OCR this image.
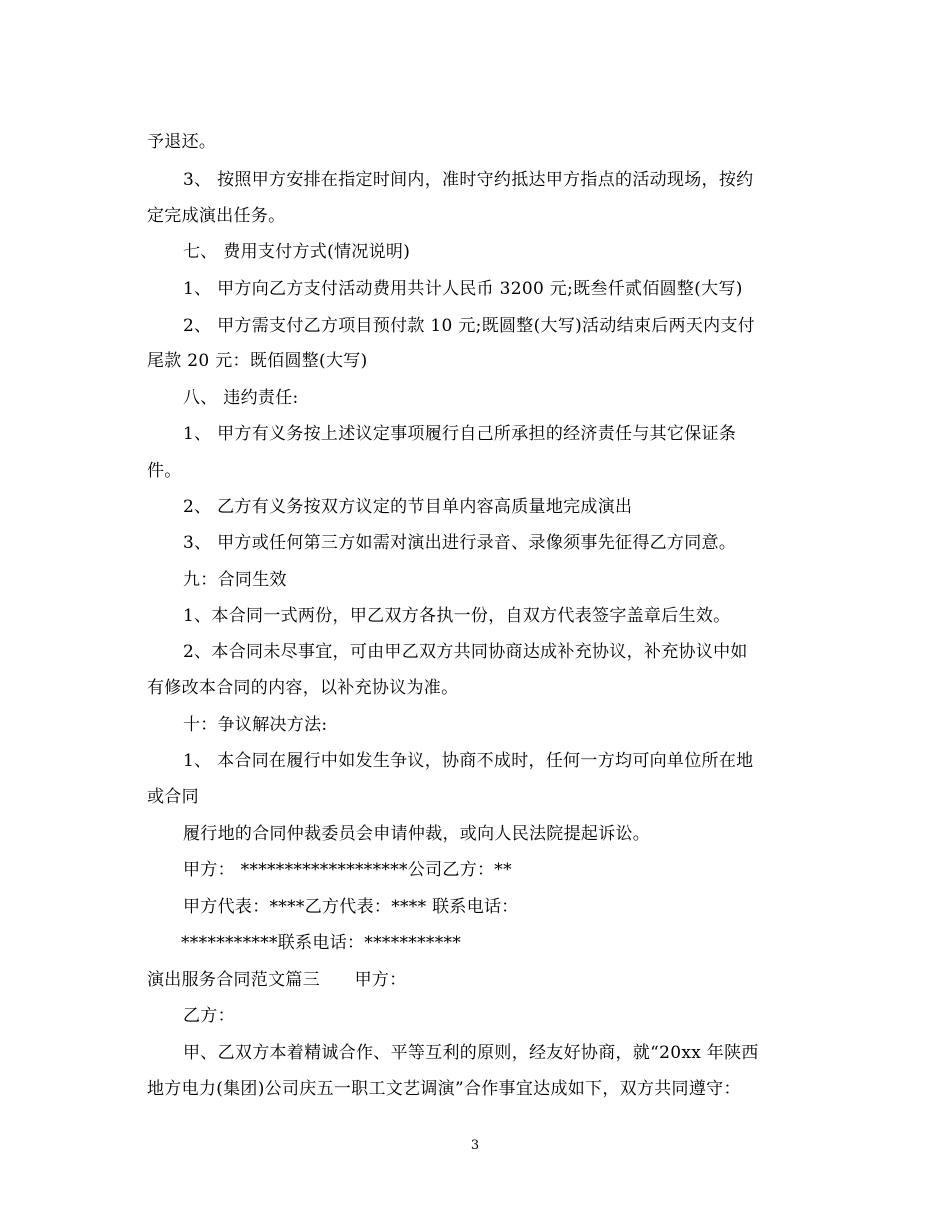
予退还。
3、 按照甲方安排在指定时间内，准时守约抵达甲方指点的活动现场，按约
定完成演出任务。
七、 费用支付方式(情况说明)
1、 甲方向乙方支付活动费用共计人民币 3200 元;既叁仟贰佰圆整(大写)
2、 甲方需支付乙方项目预付款 10 元;既圆整(大写)活动结束后两天内支付
尾款 20 元：既佰圆整(大写)
八、 违约责任:
1、 甲方有义务按上述议定事项履行自己所承担的经济责任与其它保证条
件。
2、 乙方有义务按双方议定的节目单内容高质量地完成演出
3、 甲方或任何第三方如需对演出进行录音、录像须事先征得乙方同意。
九：合同生效
1、本合同一式两份，甲乙双方各执一份，自双方代表签字盖章后生效。
2、本合同未尽事宜，可由甲乙双方共同协商达成补充协议，补充协议中如
有修改本合同的内容，以补充协议为准。
十：争议解决方法:
1、 本合同在履行中如发生争议，协商不成时，任何一方均可向单位所在地
或合同
履行地的合同仲裁委员会申请仲裁，或向人民法院提起诉讼。
甲方： *******************公司乙方：**
甲方代表：****乙方代表：**** 联系电话：
***********联系电话：***********
演出服务合同范文篇三　　甲方：
乙方：
甲、乙双方本着精诚合作、平等互利的原则，经友好协商，就“20xx 年陕西
地方电力(集团)公司庆五一职工文艺调演”合作事宜达成如下，双方共同遵守：
3
